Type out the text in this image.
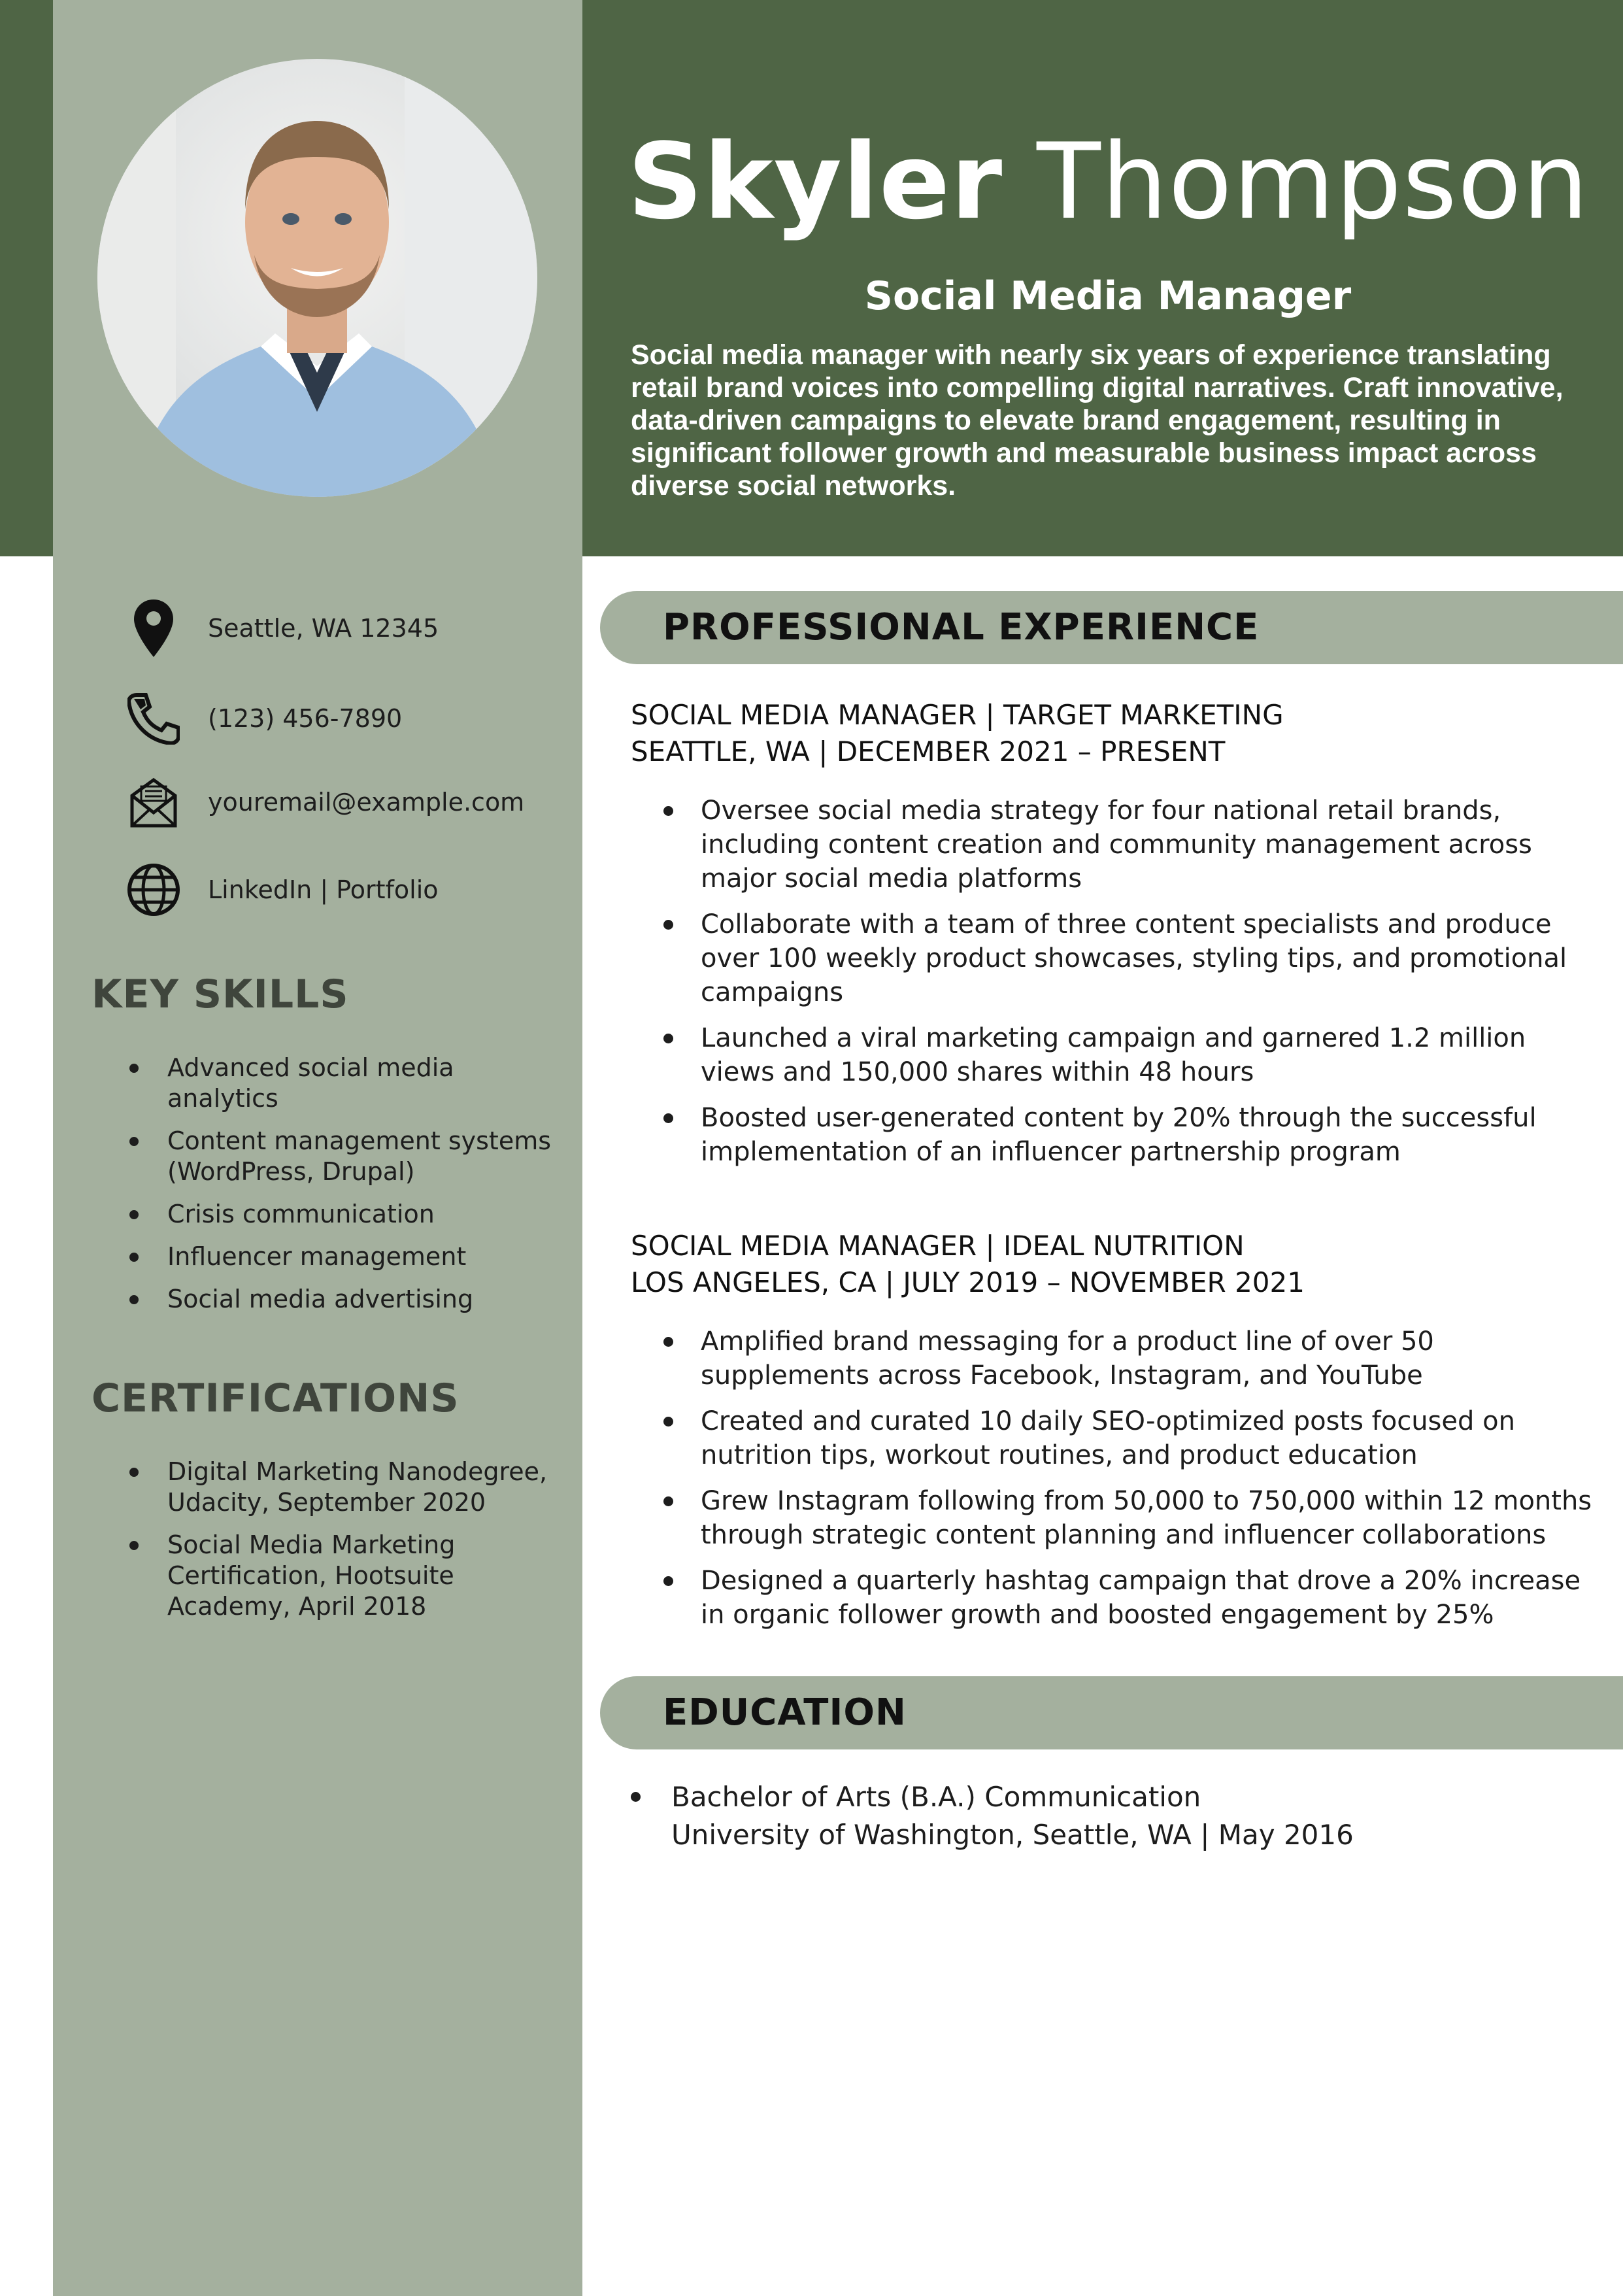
Skyler Thompson
Social Media Manager
Social media manager with nearly six years of experience translating retail brand voices into compelling digital narratives. Craft innovative, data-driven campaigns to elevate brand engagement, resulting in significant follower growth and measurable business impact across diverse social networks.
Seattle, WA 12345
(123) 456-7890
youremail@example.com
LinkedIn | Portfolio
KEY SKILLS
Advanced social media analytics
Content management systems (WordPress, Drupal)
Crisis communication
Influencer management
Social media advertising
CERTIFICATIONS
Digital Marketing Nanodegree, Udacity, September 2020
Social Media Marketing Certification, Hootsuite Academy, April 2018
PROFESSIONAL EXPERIENCE
SOCIAL MEDIA MANAGER | TARGET MARKETING
SEATTLE, WA | DECEMBER 2021 – PRESENT
Oversee social media strategy for four national retail brands, including content creation and community management across major social media platforms
Collaborate with a team of three content specialists and produce over 100 weekly product showcases, styling tips, and promotional campaigns
Launched a viral marketing campaign and garnered 1.2 million views and 150,000 shares within 48 hours
Boosted user-generated content by 20% through the successful implementation of an influencer partnership program
SOCIAL MEDIA MANAGER | IDEAL NUTRITION
LOS ANGELES, CA | JULY 2019 – NOVEMBER 2021
Amplified brand messaging for a product line of over 50 supplements across Facebook, Instagram, and YouTube
Created and curated 10 daily SEO-optimized posts focused on nutrition tips, workout routines, and product education
Grew Instagram following from 50,000 to 750,000 within 12 months through strategic content planning and influencer collaborations
Designed a quarterly hashtag campaign that drove a 20% increase in organic follower growth and boosted engagement by 25%
EDUCATION
Bachelor of Arts (B.A.) Communication
University of Washington, Seattle, WA | May 2016
